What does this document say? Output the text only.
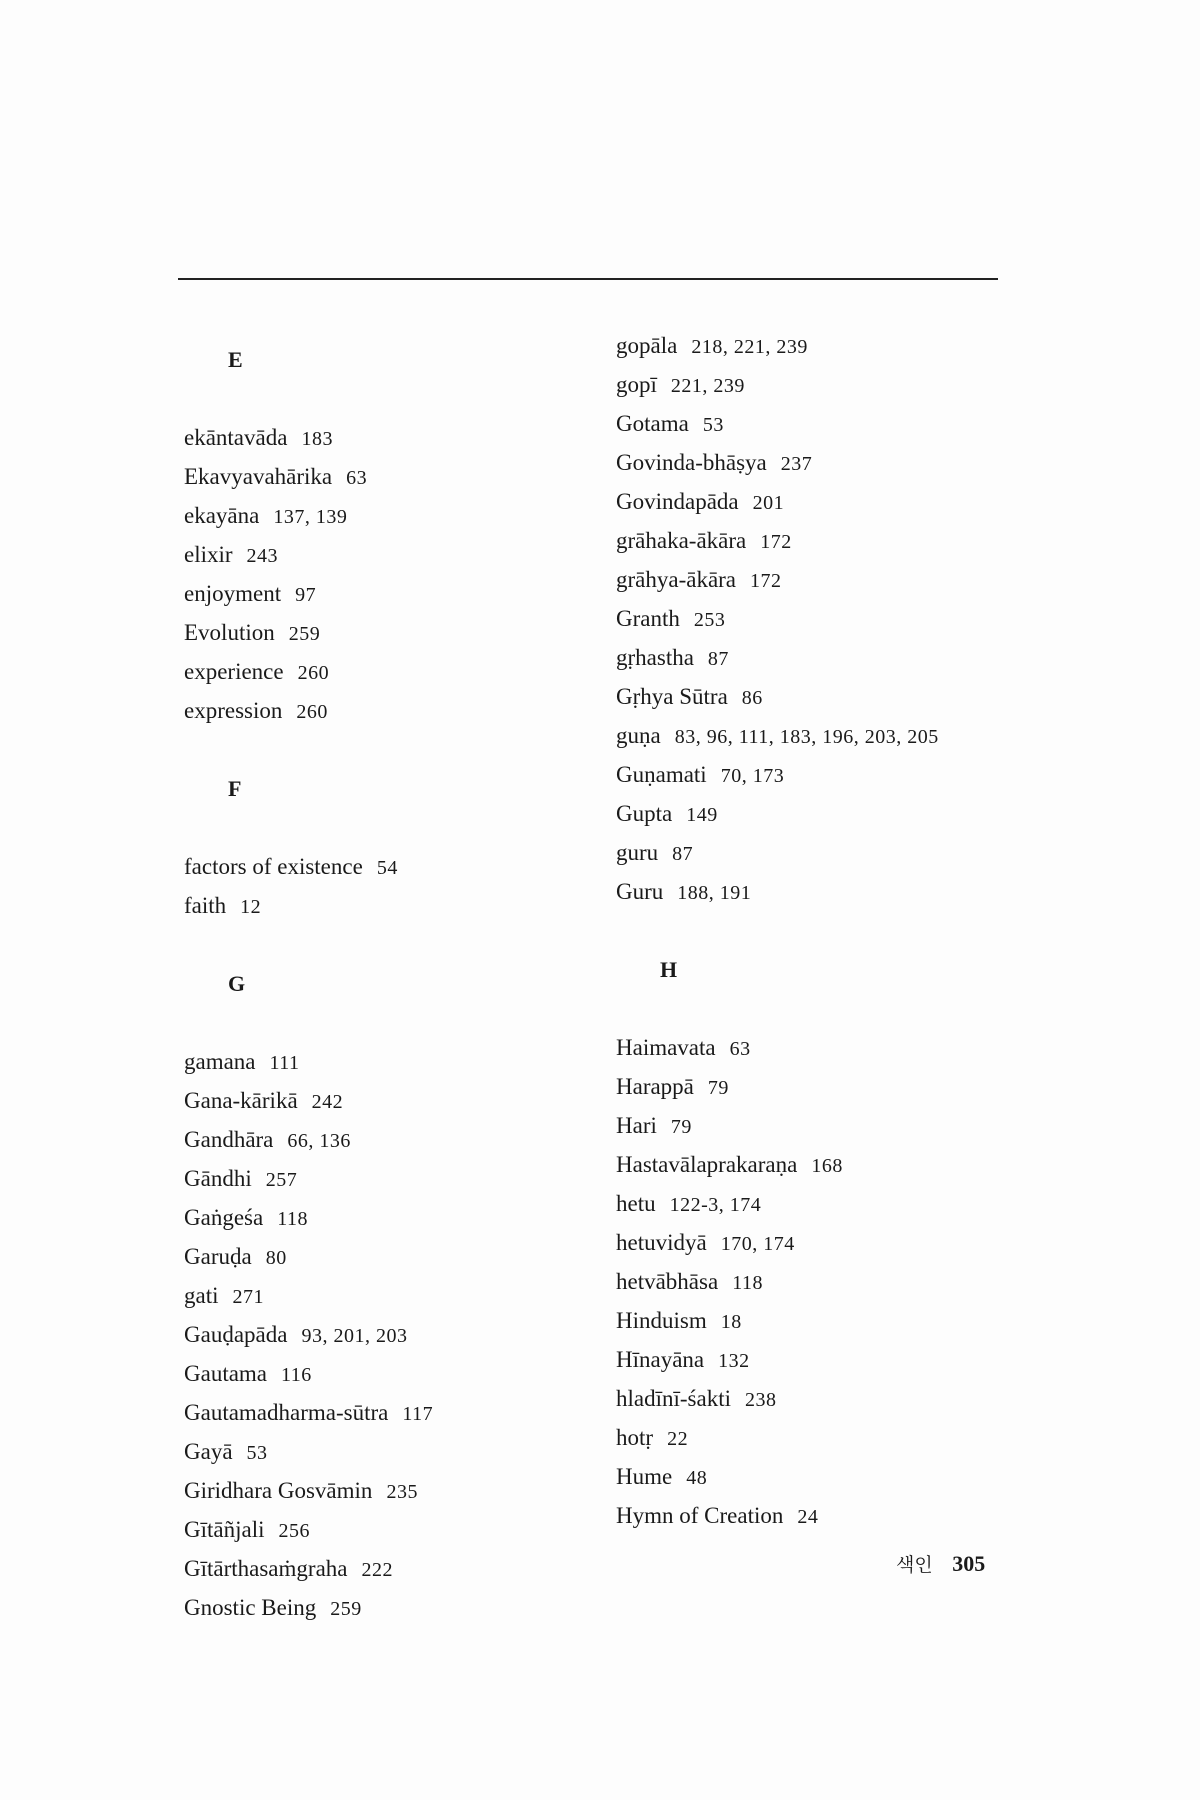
E
ekāntavāda 183
Ekavyavahārika 63
ekayāna 137, 139
elixir 243
enjoyment 97
Evolution 259
experience 260
expression 260
F
factors of existence 54
faith 12
G
gamana 111
Gana-kārikā 242
Gandhāra 66, 136
Gāndhi 257
Gaṅgeśa 118
Garuḍa 80
gati 271
Gauḍapāda 93, 201, 203
Gautama 116
Gautamadharma-sūtra 117
Gayā 53
Giridhara Gosvāmin 235
Gītāñjali 256
Gītārthasaṁgraha 222
Gnostic Being 259
gopāla 218, 221, 239
gopī 221, 239
Gotama 53
Govinda-bhāṣya 237
Govindapāda 201
grāhaka-ākāra 172
grāhya-ākāra 172
Granth 253
gṛhastha 87
Gṛhya Sūtra 86
guṇa 83, 96, 111, 183, 196, 203, 205
Guṇamati 70, 173
Gupta 149
guru 87
Guru 188, 191
H
Haimavata 63
Harappā 79
Hari 79
Hastavālaprakaraṇa 168
hetu 122-3, 174
hetuvidyā 170, 174
hetvābhāsa 118
Hinduism 18
Hīnayāna 132
hladīnī-śakti 238
hotṛ 22
Hume 48
Hymn of Creation 24
색인 305
